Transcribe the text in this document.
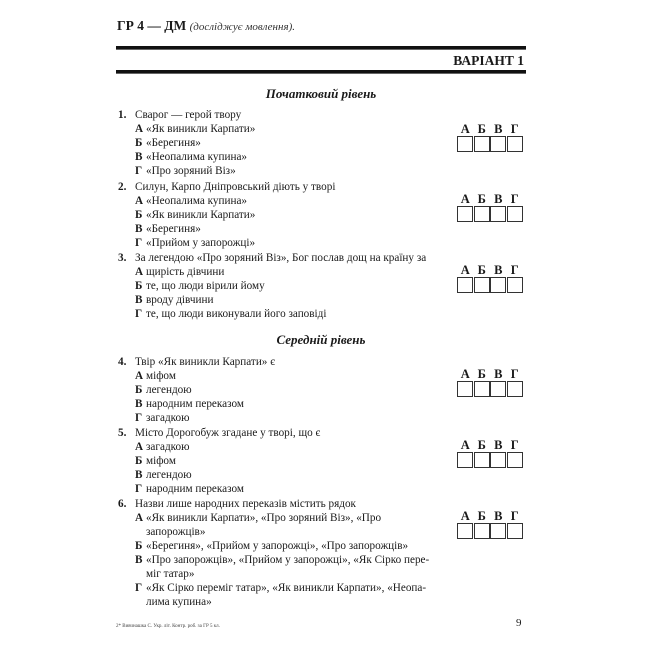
ГР 4 — ДМ (досліджує мовлення).
ВАРІАНТ 1
Початковий рівень
1. Сварог — герой твору
А «Як виникли Карпати»
Б «Берегиня»
В «Неопалима купина»
Г «Про зоряний Віз»
А Б В Г
2. Силун, Карпо Дніпровський діють у творі
А «Неопалима купина»
Б «Як виникли Карпати»
В «Берегиня»
Г «Прийом у запорожці»
А Б В Г
3. За легендою «Про зоряний Віз», Бог послав дощ на країну за
А щирість дівчини
Б те, що люди вірили йому
В вроду дівчини
Г те, що люди виконували його заповіді
А Б В Г
Середній рівень
4. Твір «Як виникли Карпати» є
А міфом
Б легендою
В народним переказом
Г загадкою
А Б В Г
5. Місто Дорогобуж згадане у творі, що є
А загадкою
Б міфом
В легендою
Г народним переказом
А Б В Г
6. Назви лише народних переказів містить рядок
А «Як виникли Карпати», «Про зоряний Віз», «Про запорожців»
Б «Берегиня», «Прийом у запорожці», «Про запорожців»
В «Про запорожців», «Прийом у запорожці», «Як Сірко пере-міг татар»
Г «Як Сірко переміг татар», «Як виникли Карпати», «Неопа-лима купина»
А Б В Г
2* Вивчнашка С. Укр. літ. Контр. роб. за ГР 5 кл.	9
